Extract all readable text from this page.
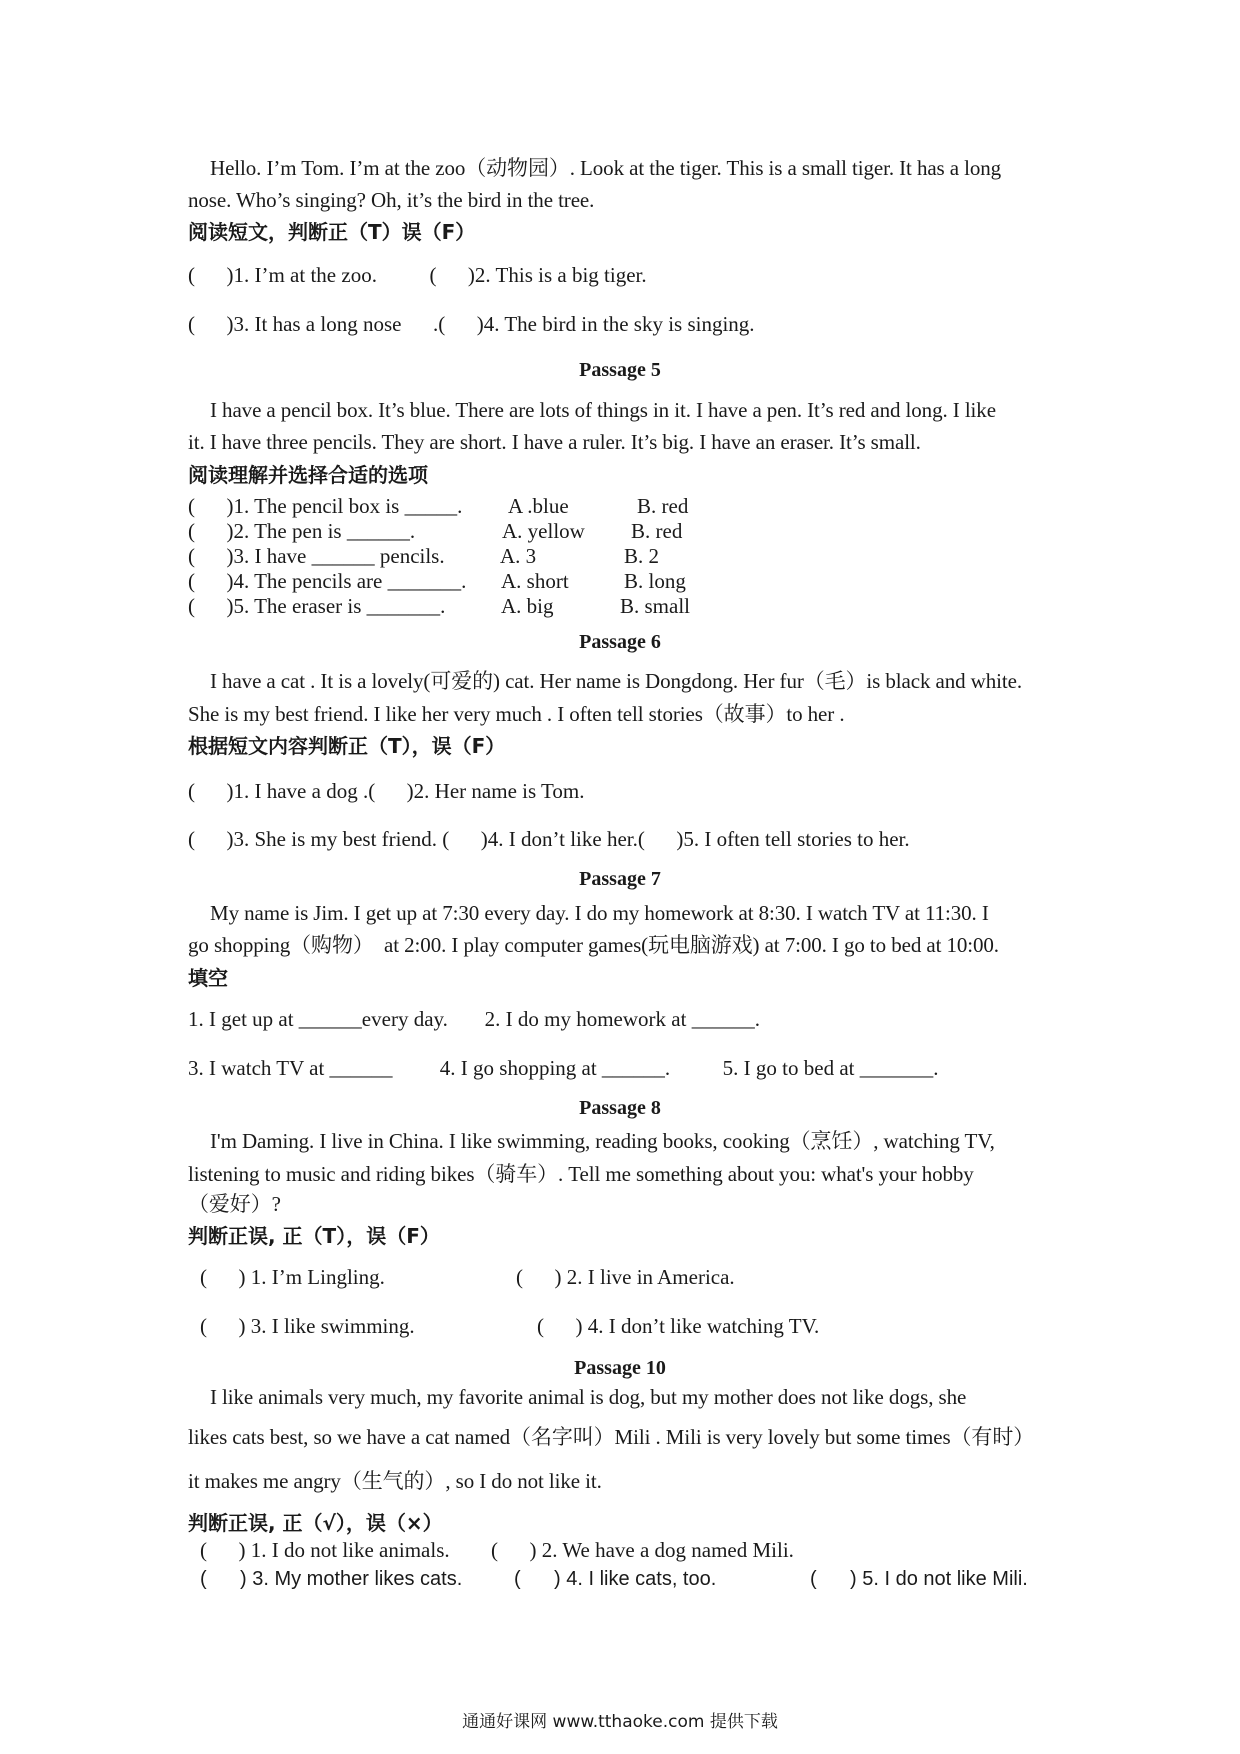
Hello. I’m Tom. I’m at the zoo（动物园）. Look at the tiger. This is a small tiger. It has a long
nose. Who’s singing? Oh, it’s the bird in the tree.
阅读短文，判断正（T）误（F）
(      )1. I’m at the zoo.          (      )2. This is a big tiger.
(      )3. It has a long nose      .(      )4. The bird in the sky is singing.
Passage 5
I have a pencil box. It’s blue. There are lots of things in it. I have a pen. It’s red and long. I like
it. I have three pencils. They are short. I have a ruler. It’s big. I have an eraser. It’s small.
阅读理解并选择合适的选项
(      )1. The pencil box is _____. A .blue	B. red
(      )2. The pen is ______.	A. yellow B. red
(      )3. I have ______ pencils.	A. 3	B. 2
(      )4. The pencils are _______. A. short	B. long
(      )5. The eraser is _______.	A. big	B. small
Passage 6
I have a cat . It is a lovely(可爱的) cat. Her name is Dongdong. Her fur（毛）is black and white.
She is my best friend. I like her very much . I often tell stories（故事）to her .
根据短文内容判断正（T），误（F）
(      )1. I have a dog .(      )2. Her name is Tom.
(      )3. She is my best friend. (      )4. I don’t like her.(      )5. I often tell stories to her.
Passage 7
My name is Jim. I get up at 7:30 every day. I do my homework at 8:30. I watch TV at 11:30. I
go shopping（购物）  at 2:00. I play computer games(玩电脑游戏) at 7:00. I go to bed at 10:00.
填空
1. I get up at ______every day.       2. I do my homework at ______.
3. I watch TV at ______         4. I go shopping at ______.          5. I go to bed at _______.
Passage 8
I'm Daming. I live in China. I like swimming, reading books, cooking（烹饪）, watching TV,
listening to music and riding bikes（骑车）. Tell me something about you: what's your hobby
（爱好）?
判断正误, 正（T），误（F）
(      ) 1. I’m Lingling.	(      ) 2. I live in America.
(      ) 3. I like swimming.	(      ) 4. I don’t like watching TV.
Passage 10
I like animals very much, my favorite animal is dog, but my mother does not like dogs, she
likes cats best, so we have a cat named（名字叫）Mili . Mili is very lovely but some times（有时）
it makes me angry（生气的）, so I do not like it.
判断正误, 正（√），误（×）
(      ) 1. I do not like animals. (      ) 2. We have a dog named Mili.
(      ) 3. My mother likes cats.	(      ) 4. I like cats, too.	(      ) 5. I do not like Mili.
通通好课网 www.tthaoke.com 提供下载
